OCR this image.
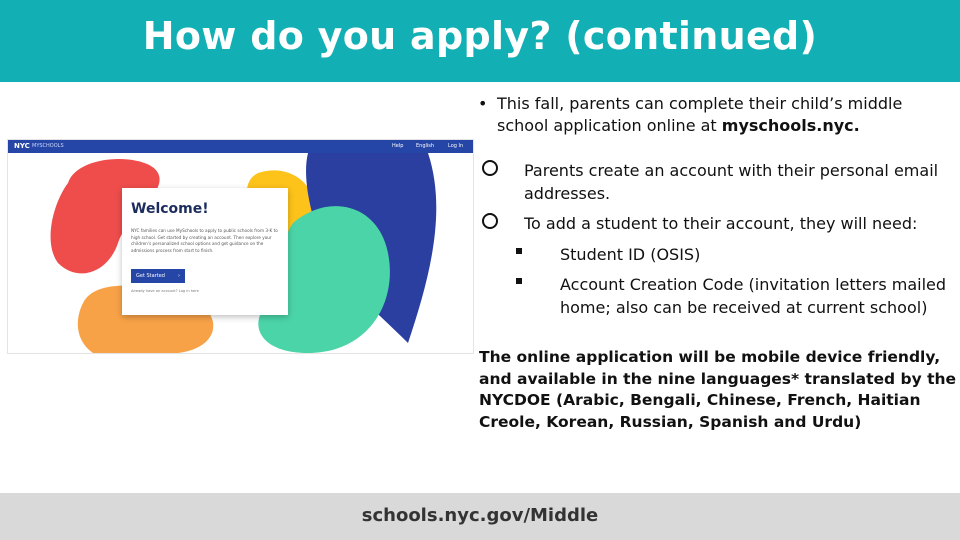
How do you apply? (continued)
NYC MYSCHOOLS	Help	English	Log In
Welcome!

NYC families can use MySchools to apply to public schools from 3-K to high school. Get started by creating an account. Then explore your children's personalized school options and get guidance on the admissions process from start to finish.

Get Started	›
Already have an account? Log in here
• This fall, parents can complete their child’s middle school application online at myschools.nyc.
Parents create an account with their personal email addresses.
To add a student to their account, they will need:
Student ID (OSIS)
Account Creation Code (invitation letters mailed home; also can be received at current school)
The online application will be mobile device friendly, and available in the nine languages* translated by the NYCDOE (Arabic, Bengali, Chinese, French, Haitian Creole, Korean, Russian, Spanish and Urdu)
schools.nyc.gov/Middle
